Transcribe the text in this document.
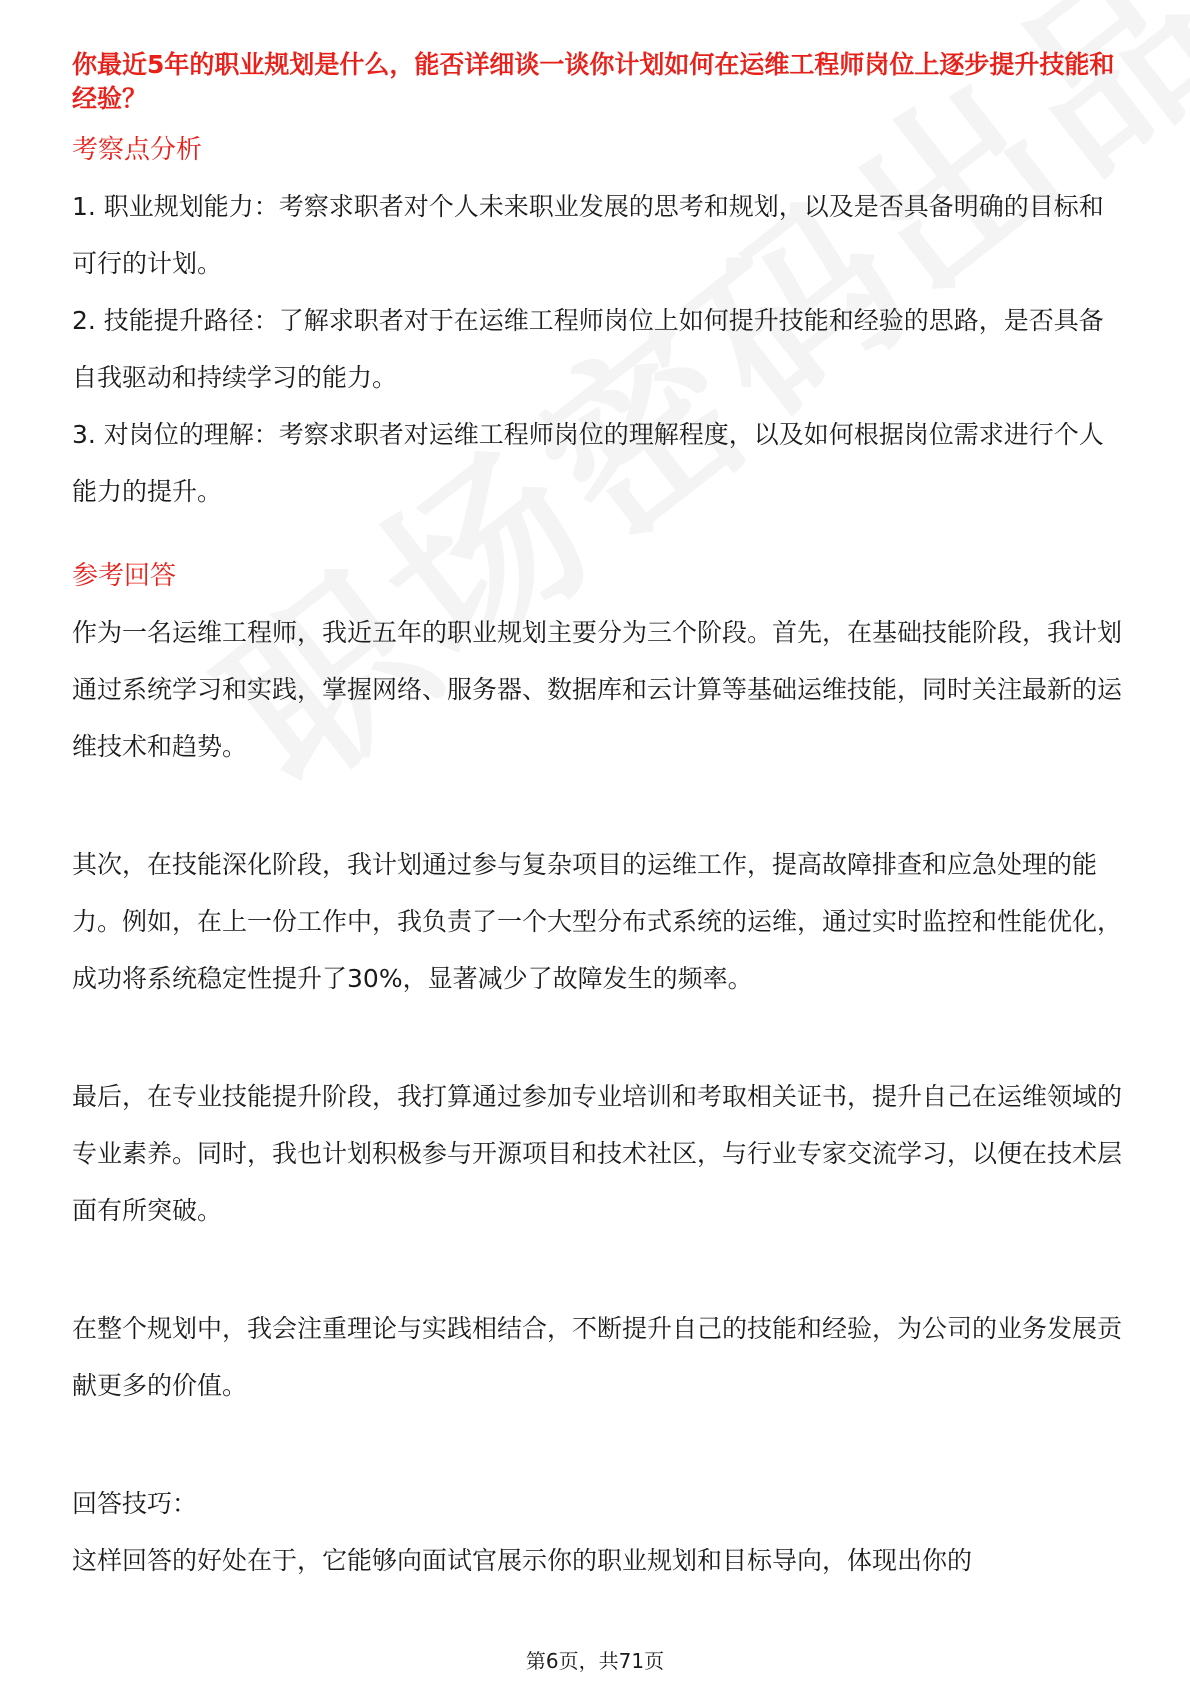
你最近5年的职业规划是什么，能否详细谈一谈你计划如何在运维工程师岗位上逐步提升技能和经验？
考察点分析

1. 职业规划能力：考察求职者对个人未来职业发展的思考和规划，以及是否具备明确的目标和可行的计划。

2. 技能提升路径：了解求职者对于在运维工程师岗位上如何提升技能和经验的思路，是否具备自我驱动和持续学习的能力。

3. 对岗位的理解：考察求职者对运维工程师岗位的理解程度，以及如何根据岗位需求进行个人能力的提升。

参考回答

作为一名运维工程师，我近五年的职业规划主要分为三个阶段。首先，在基础技能阶段，我计划通过系统学习和实践，掌握网络、服务器、数据库和云计算等基础运维技能，同时关注最新的运维技术和趋势。

其次，在技能深化阶段，我计划通过参与复杂项目的运维工作，提高故障排查和应急处理的能力。例如，在上一份工作中，我负责了一个大型分布式系统的运维，通过实时监控和性能优化，成功将系统稳定性提升了30%，显著减少了故障发生的频率。

最后，在专业技能提升阶段，我打算通过参加专业培训和考取相关证书，提升自己在运维领域的专业素养。同时，我也计划积极参与开源项目和技术社区，与行业专家交流学习，以便在技术层面有所突破。

在整个规划中，我会注重理论与实践相结合，不断提升自己的技能和经验，为公司的业务发展贡献更多的价值。

回答技巧：

这样回答的好处在于，它能够向面试官展示你的职业规划和目标导向，体现出你的

第6页，共71页
